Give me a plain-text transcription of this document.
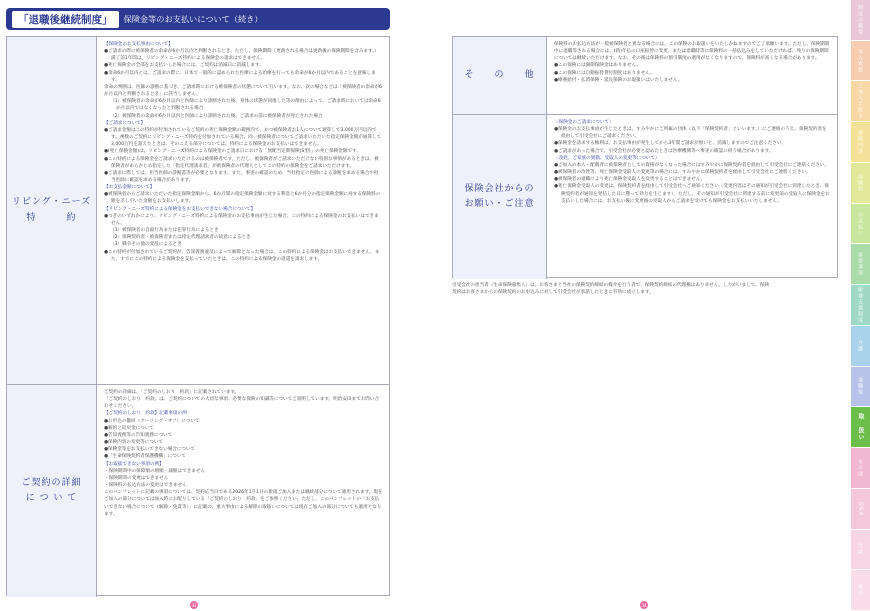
「退職後継続制度」	保険金等のお支払いについて（続き）
リビング・ニーズ
特　　　約

【保険金のお支払事由について】

●ご請求の際に被保険者の余命が6か月以内と判断されるとき。ただし、保険期間（更新される場合は更新後の保険期間を含みます。）満了前1年間は、リビング・ニーズ特約による保険金の請求はできません。

●死亡保険金の全部をお支払いした場合には、ご契約は消滅日に消滅します。

●余命6か月以内とは、ご請求の際に、日本で一般的に認められた医療による治療を行っても余命が6か月以内であることを意味します。

余命の判断は、医師の診断に基づき、ご請求時における被保険者の状態について行います。なお、次の場合などは「被保険者の余命が6か月以内と判断されるとき」に該当しません。

（1）被保険者の余命が6か月以内と医師により診断された後、身体の状態が回復した等の理由によって、ご請求時においては余命6か月以内ではなくなったと判断される場合

（2）被保険者の余命が6か月以内と医師により診断された後、ご請求の前に被保険者が死亡された場合

【ご請求について】

●ご請求金額はこの特約が付加されているご契約の死亡保険金額の範囲内で、かつ被保険者お1人について通算して3,000万円以内です。複数のご契約にリビング・ニーズ特約を付加されている場合、同一被保険者についてご請求いただいた指定保険金額が通算して3,000万円を超えたときは、そのこえる部分については、特約による保険金のお支払いはできません。

●(死亡保険金額)は、リビング・ニーズ特約による保険金のご請求日における「無配当定期保険(S型)」の死亡保険金額です。

●この特約による保険金をご請求いただけるのは被保険者です。ただし、被保険者がご請求いただけない特別な事情があるときは、被保険者があらかじめ指定した「指定代理請求者」が被保険者の代理人としてこの特約の保険金をご請求いただけます。

●ご請求に際しては、担当医師の診断書等が必要となります。また、事実の確認のため、当社指定の医師による診断を求める場合や担当医師に確認を求める場合があります。

【お支払金額について】

●被保険者からご請求いただいた指定保険金額から、6か月間の指定保険金額に対する利息と6か月分の指定保険金額に対する保険料の額を差し引いた金額をお支払いします。

【リビング・ニーズ特約による保険金をお支払いできない場合について】

●つぎのいずれかにより、リビング・ニーズ特約による保険金のお支払事由が生じた場合、この特約による保険金のお支払いはできません。

（1）被保険者の自殺行為または犯罪行為によるとき

（2）保険契約者・被保険者または指定代理請求者の故意によるとき

（3）戦争その他の変乱によるとき

●この特約が付加されているご契約が、告知義務違反によって解除となった場合は、この特約による保険金はお支払いできません。また、すでにこの特約による保険金を支払っていたときは、この特約による保険金の返還を請求します。

ご契約の詳細
に つ い て

ご契約の詳細は、「ご契約のしおり　約款」に記載されています。

「ご契約のしおり　約款」は、ご契約についての大切な事項、必要な保険の知識等についてご説明しています。明治安田までお問い合わせください。

【ご契約のしおり　約款】記載事項の例

●お申込の撤回（クーリング・オフ）について

●解約と返戻金について

●告知義務等の告知義務について

●保険内容の変更等について

●保険金等をお支払いできない場合について

●「生命保険契約者保護機構」について

【お取扱できない事項の例】

・保険期間中の保障額の増額・減額はできません

・保険期間の変更はできません

・保険料の払込方法の変更はできません

このパンフレットに記載の事項については、契約応当日である2026年1月1日の新規ご加入または継続部分について適用されます。現在ご加入の部分については加入時にお配りしている「ご契約のしおり　約款」をご参照ください。ただし、このパンフレットの「お支払いできない場合について（解除・免責等）」に記載の、重大事由による解除の取扱いについては現在ご加入の部分についても適用となります。

そ　　の　　他

保険料のお払込方法が一般被保険者と異なる場合には、この保険のお取扱いをいたしかねますのでご了承願います。ただし、保険期間中に退職等される場合には、(新)年払の口座振替に変更、または退職時等に保険料の一括払込みをしていただければ、残りの保険期間については継続いただけます。なお、その後は保険料の割引制度の適用がなくなりますので、保険料が高くなる場合があります。

●この保険には満期保険金はありません。

●この保険には自動振替貸付制度はありません。

●療養給付・払済保険・延長保険のお取扱いはいたしません。

保険会社からの
お願い・ご注意

〈保険金のご請求について〉

●保険金のお支払事由が生じたときは、すみやかにご所属の団体（以下「保険契約者」といいます。）にご連絡のうえ、保険契約者を経由して引受会社にご請求ください。

●保険金を請求する権利は、お支払事由が発生してから3年間ご請求が無いと、消滅しますのでご注意ください。

●ご請求があった場合で、引受会社が必要と認めたときは医療機関等へ事実の確認に伺う場合があります。

〈改姓、ご家族の異動、受取人の変更等について〉

●ご加入の本人・配偶者に被保険者としての資格がなくなった場合にはすみやかに保険契約者を経由して引受会社にご連絡ください。

●被保険者の改姓等、死亡保険金受取人の変更等の場合には、すみやかに保険契約者を経由して引受会社にご連絡ください。

●被保険者の退職により死亡保険金受取人を変更することはできません。

●死亡保険金受取人の変更は、保険契約者を経由して引受会社へご通知ください（変更内容はその通知が引受会社に到達したとき、保険契約者が通知を発信した日に遡って効力を生じます）。ただし、その通知が引受会社に到達する前に変更前の受取人に保険金をお支払いした場合には、お支払い後に変更後の受取人からご請求を受けても保険金をお支払いいたしません。

引受会社の担当者（生命保険募集人）は、お客さまと当社の保険契約締結の媒介を行う者で、保険契約締結の代理権はありません。したがいまして、保険契約はお客さまからの保険契約のお申込みに対して引受会社が承諾したときに有効に成立します。
33	34
制度の概要
加入資格
ご加入手続き
保障内容
保険料
お支払い
重要事項
療養支援制度
介護
退職後
取　扱い
その他
Q&A
付録
索引
